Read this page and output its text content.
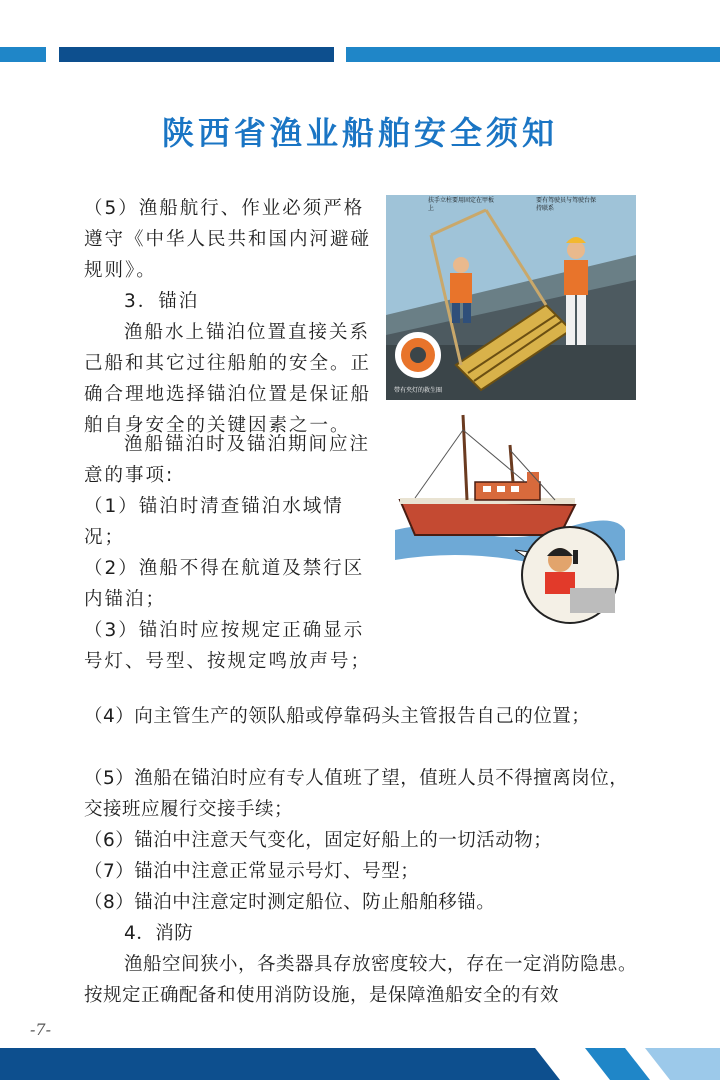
陕西省渔业船舶安全须知
扶手立柱要用固定在甲板上
要有驾驶员与驾驶台保持联系
带有夹灯的救生圈

（5）渔船航行、作业必须严格遵守《中华人民共和国内河避碰规则》。

3．锚泊

渔船水上锚泊位置直接关系己船和其它过往船舶的安全。正确合理地选择锚泊位置是保证船舶自身安全的关键因素之一。

渔船锚泊时及锚泊期间应注意的事项:

（1）锚泊时清查锚泊水域情况；

（2）渔船不得在航道及禁行区内锚泊；

（3）锚泊时应按规定正确显示号灯、号型、按规定鸣放声号；

（4）向主管生产的领队船或停靠码头主管报告自己的位置；

（5）渔船在锚泊时应有专人值班了望，值班人员不得擅离岗位，交接班应履行交接手续；

（6）锚泊中注意天气变化，固定好船上的一切活动物；

（7）锚泊中注意正常显示号灯、号型；

（8）锚泊中注意定时测定船位、防止船舶移锚。

4．消防

渔船空间狭小，各类器具存放密度较大，存在一定消防隐患。按规定正确配备和使用消防设施，是保障渔船安全的有效

-7-
